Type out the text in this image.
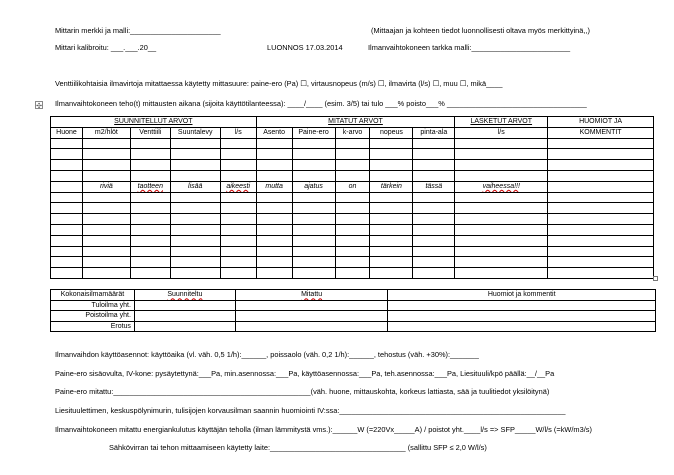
Mittarin merkki ja malli:______________________	(Mittaajan ja kohteen tiedot luonnollisesti oltava myös merkittyinä,,)
Mittari kalibroitu: ___.___.20__	LUONNOS 17.03.2014	Ilmanvaihtokoneen tarkka malli:________________________
Venttiilikohtaisia ilmavirtoja mitattaessa käytetty mittasuure: paine-ero (Pa) ☐, virtausnopeus (m/s) ☐, ilmavirta (l/s) ☐, muu ☐, mikä____
✣ Ilmanvaihtokoneen teho(t) mittausten aikana (sijoita käyttötilanteessa): ____/____ (esim. 3/5) tai tulo ___% poisto___% __________________________________
SUUNNITELLUT ARVOT					MITATUT ARVOT					LASKETUT ARVOT	HUOMIOT JA
Huone	m2/hlöt	Venttiili	Suuntalevy	l/s	Asento	Paine-ero	k-arvo	nopeus	pinta-ala	l/s	KOMMENTIT

	riviä	taotteen	lisää	aikeesti	mutta	ajatus	on	tärkein	tässä	vaiheessa!!!	

Kokonaisilmamäärät	Suunniteltu	Mitattu	Huomiot ja kommentit
Tuloilma yht.			
Poistoilma yht.			
Erotus			
Ilmanvaihdon käyttöasennot: käyttöaika (vl. väh. 0,5 1/h):______, poissaolo (väh. 0,2 1/h):______, tehostus (väh. +30%):_______
Paine-ero sisäovulta, IV-kone: pysäytettynä:___Pa, min.asennossa:___Pa, käyttöasennossa:___Pa, teh.asennossa:___Pa, Liesituuli/kpö päällä:__/__Pa
Paine-ero mitattu:________________________________________________(väh. huone, mittauskohta, korkeus lattiasta, sää ja tuulitiedot yksilöitynä)
Liesituulettimen, keskuspölynimurin, tulisijojen korvausilman saannin huomiointi IV:ssa:_______________________________________________________
Ilmanvaihtokoneen mitattu energiankulutus käyttäjän teholla (ilman lämmitystä vms.):______W (=220Vx_____A) / poistot yht.____l/s => SFP_____W/l/s (=kW/m3/s)
Sähkövirran tai tehon mittaamiseen käytetty laite:_________________________________ (sallittu SFP ≤ 2,0 W/l/s)
